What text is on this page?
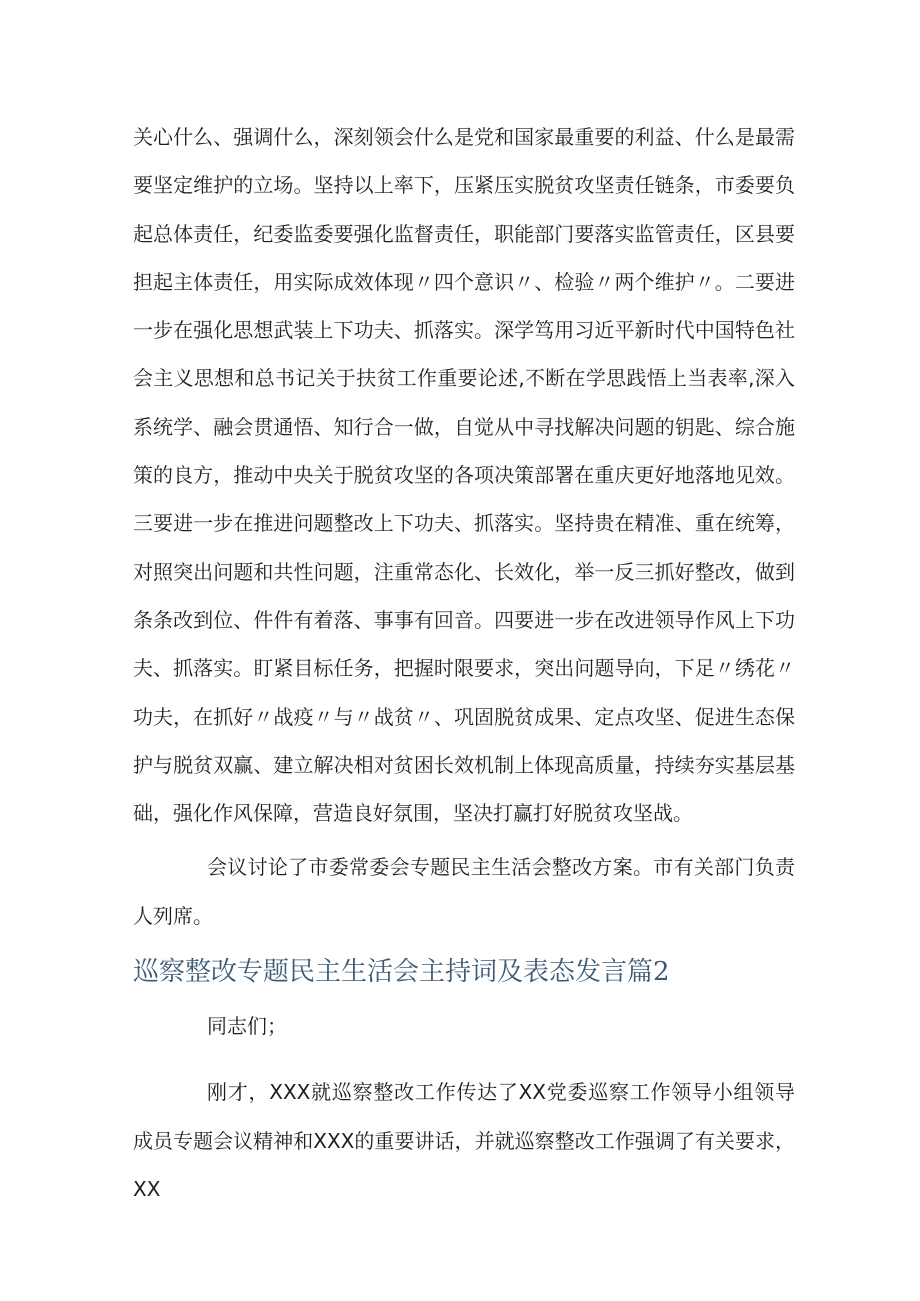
关心什么、强调什么，深刻领会什么是党和国家最重要的利益、什么是最需要坚定维护的立场。坚持以上率下，压紧压实脱贫攻坚责任链条，市委要负起总体责任，纪委监委要强化监督责任，职能部门要落实监管责任，区县要担起主体责任，用实际成效体现〃四个意识〃、检验〃两个维护〃。二要进一步在强化思想武装上下功夫、抓落实。深学笃用习近平新时代中国特色社会主义思想和总书记关于扶贫工作重要论述,不断在学思践悟上当表率,深入系统学、融会贯通悟、知行合一做，自觉从中寻找解决问题的钥匙、综合施策的良方，推动中央关于脱贫攻坚的各项决策部署在重庆更好地落地见效。三要进一步在推进问题整改上下功夫、抓落实。坚持贵在精准、重在统筹，对照突出问题和共性问题，注重常态化、长效化，举一反三抓好整改，做到条条改到位、件件有着落、事事有回音。四要进一步在改进领导作风上下功夫、抓落实。盯紧目标任务，把握时限要求，突出问题导向，下足〃绣花〃功夫，在抓好〃战疫〃与〃战贫〃、巩固脱贫成果、定点攻坚、促进生态保护与脱贫双赢、建立解决相对贫困长效机制上体现高质量，持续夯实基层基础，强化作风保障，营造良好氛围，坚决打赢打好脱贫攻坚战。

会议讨论了市委常委会专题民主生活会整改方案。市有关部门负责人列席。

巡察整改专题民主生活会主持词及表态发言篇2

同志们；

刚才，XXX就巡察整改工作传达了XX党委巡察工作领导小组领导成员专题会议精神和XXX的重要讲话，并就巡察整改工作强调了有关要求，XX
